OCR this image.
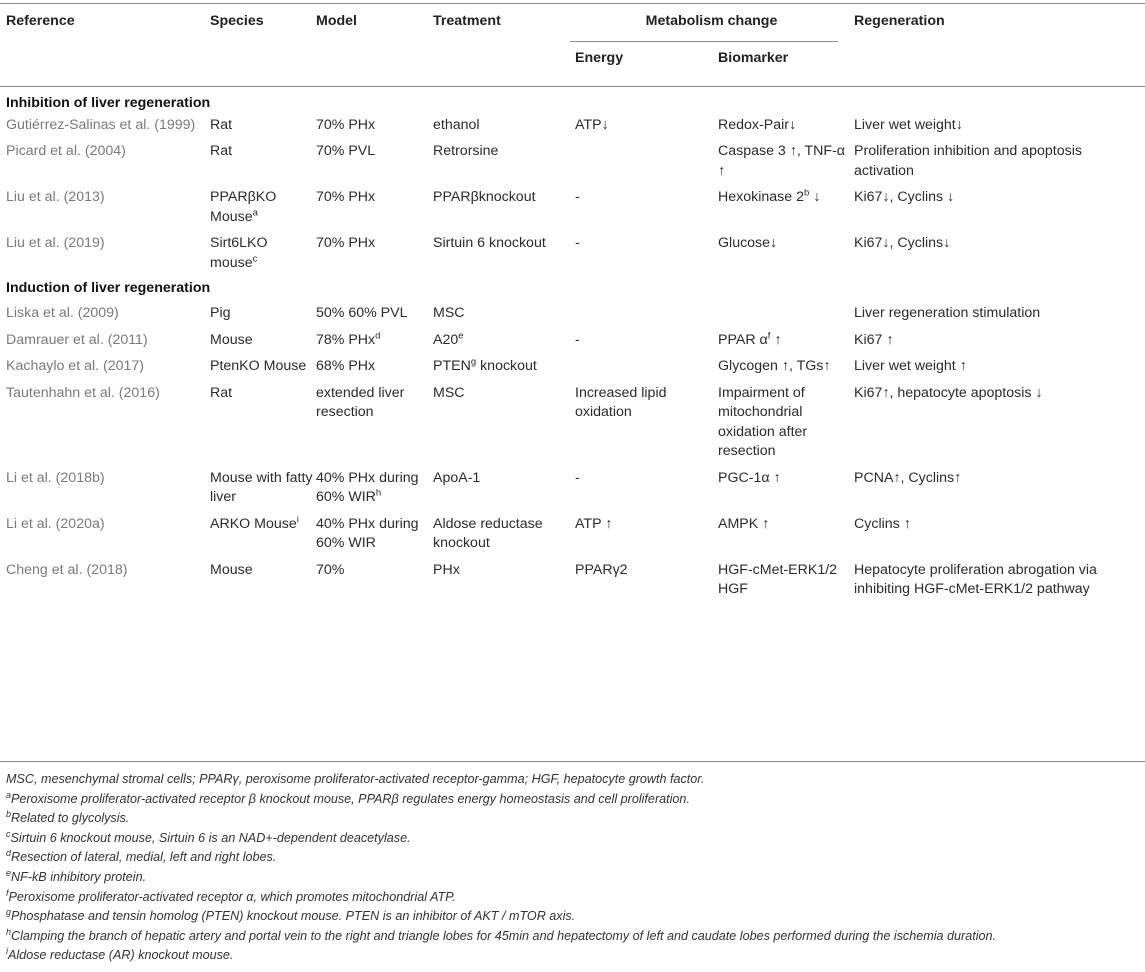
Reference	Species	Model	Treatment	Metabolism change		Regeneration
				Energy	Biomarker	
Inhibition of liver regeneration						
Gutiérrez-Salinas et al. (1999)	Rat	70% PHx	ethanol	ATP↓	Redox-Pair↓	Liver wet weight↓
Picard et al. (2004)	Rat	70% PVL	Retrorsine		Caspase 3 ↑, TNF-α ↑	Proliferation inhibition and apoptosis activation
Liu et al. (2013)	PPARβKO Mouse$^a$	70% PHx	PPARβknockout	-	Hexokinase 2$^b$ ↓	Ki67↓, Cyclins ↓
Liu et al. (2019)	Sirt6LKO mouse$^c$	70% PHx	Sirtuin 6 knockout	-	Glucose↓	Ki67↓, Cyclins↓
Induction of liver regeneration						
Liska et al. (2009)	Pig	50% 60% PVL	MSC			Liver regeneration stimulation
Damrauer et al. (2011)	Mouse	78% PHx$^d$	A20e	-	PPAR $\alpha^f$ ↑	Ki67 ↑
Kachaylo et al. (2017)	PtenKO Mouse	68% PHx	PTEN$^g$ knockout		Glycogen ↑, TGs↑	Liver wet weight ↑
Tautenhahn et al. (2016)	Rat	extended liver resection	MSC	Increased lipid oxidation	Impairment of mitochondrial oxidation after resection	Ki67↑, hepatocyte apoptosis ↓
Li et al. (2018b)	Mouse with fatty liver	40% PHx during 60% WIR$^h$	ApoA-1	-	PGC-1α ↑	PCNA↑, Cyclins↑
Li et al. (2020a)	ARKO Mouse$^i$	40% PHx during 60% WIR	Aldose reductase knockout	ATP ↑	AMPK ↑	Cyclins ↑
Cheng et al. (2018)	Mouse	70%	PHx	PPARγ2	HGF-cMet-ERK1/2 HGF	Hepatocyte proliferation abrogation via inhibiting HGF-cMet-ERK1/2 pathway
MSC, mesenchymal stromal cells; PPARγ, peroxisome proliferator-activated receptor-gamma; HGF, hepatocyte growth factor.
$^a$Peroxisome proliferator-activated receptor β knockout mouse, PPARβ regulates energy homeostasis and cell proliferation.
$^b$Related to glycolysis.
$^c$Sirtuin 6 knockout mouse, Sirtuin 6 is an NAD+-dependent deacetylase.
$^d$Resection of lateral, medial, left and right lobes.
$^e$NF-kB inhibitory protein.
$^f$Peroxisome proliferator-activated receptor α, which promotes mitochondrial ATP.
$^g$Phosphatase and tensin homolog (PTEN) knockout mouse. PTEN is an inhibitor of AKT / mTOR axis.
$^h$Clamping the branch of hepatic artery and portal vein to the right and triangle lobes for 45min and hepatectomy of left and caudate lobes performed during the ischemia duration.
$^i$Aldose reductase (AR) knockout mouse.
